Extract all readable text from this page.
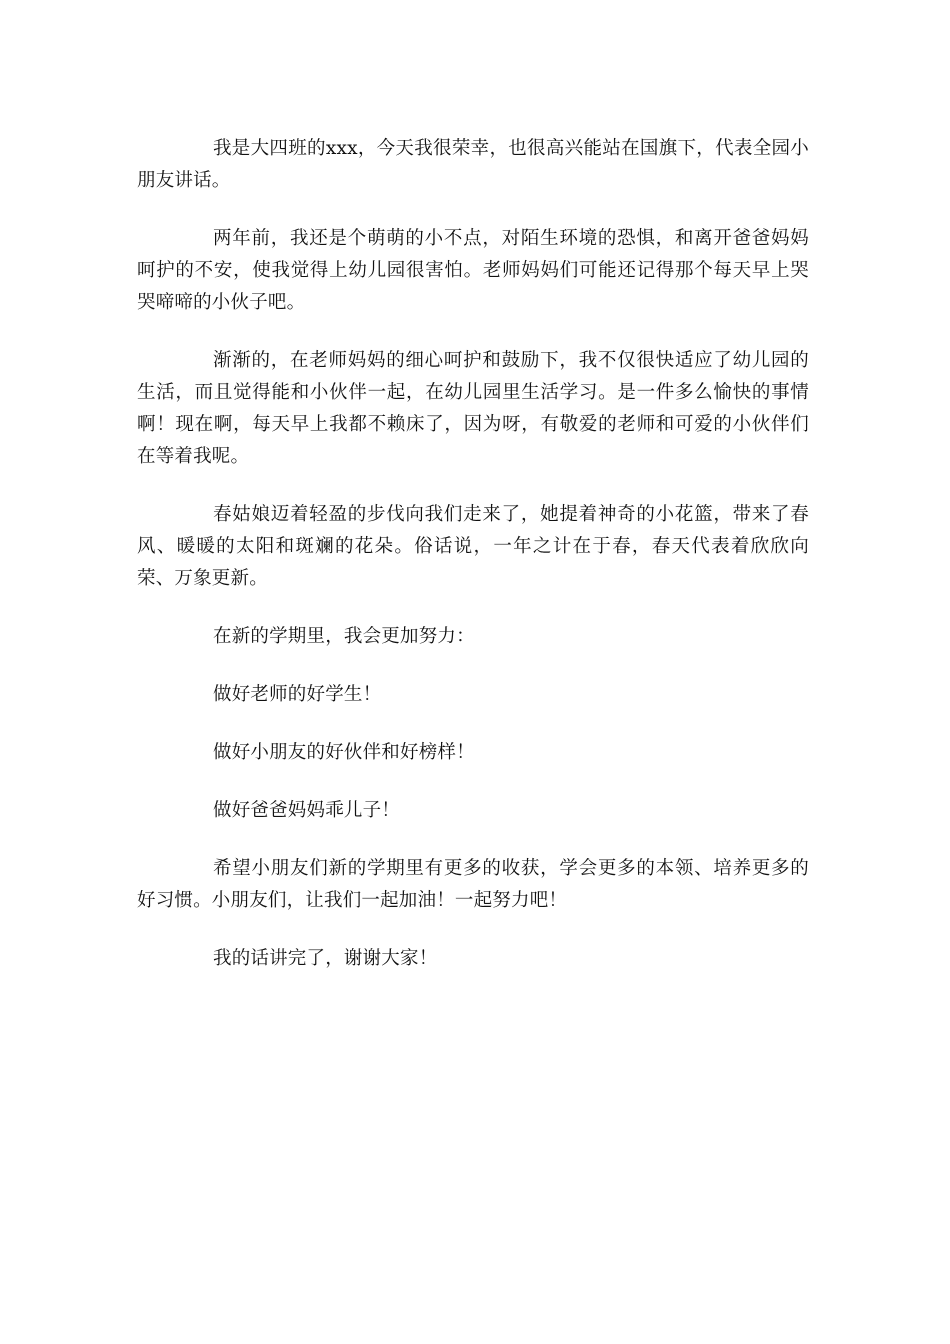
我是大四班的xxx，今天我很荣幸，也很高兴能站在国旗下，代表全园小朋友讲话。

两年前，我还是个萌萌的小不点，对陌生环境的恐惧，和离开爸爸妈妈呵护的不安，使我觉得上幼儿园很害怕。老师妈妈们可能还记得那个每天早上哭哭啼啼的小伙子吧。

渐渐的，在老师妈妈的细心呵护和鼓励下，我不仅很快适应了幼儿园的生活，而且觉得能和小伙伴一起，在幼儿园里生活学习。是一件多么愉快的事情啊！现在啊，每天早上我都不赖床了，因为呀，有敬爱的老师和可爱的小伙伴们在等着我呢。

春姑娘迈着轻盈的步伐向我们走来了，她提着神奇的小花篮，带来了春风、暖暖的太阳和斑斓的花朵。俗话说，一年之计在于春，春天代表着欣欣向荣、万象更新。

在新的学期里，我会更加努力：

做好老师的好学生！

做好小朋友的好伙伴和好榜样！

做好爸爸妈妈乖儿子！

希望小朋友们新的学期里有更多的收获，学会更多的本领、培养更多的好习惯。小朋友们，让我们一起加油！一起努力吧！

我的话讲完了，谢谢大家！
